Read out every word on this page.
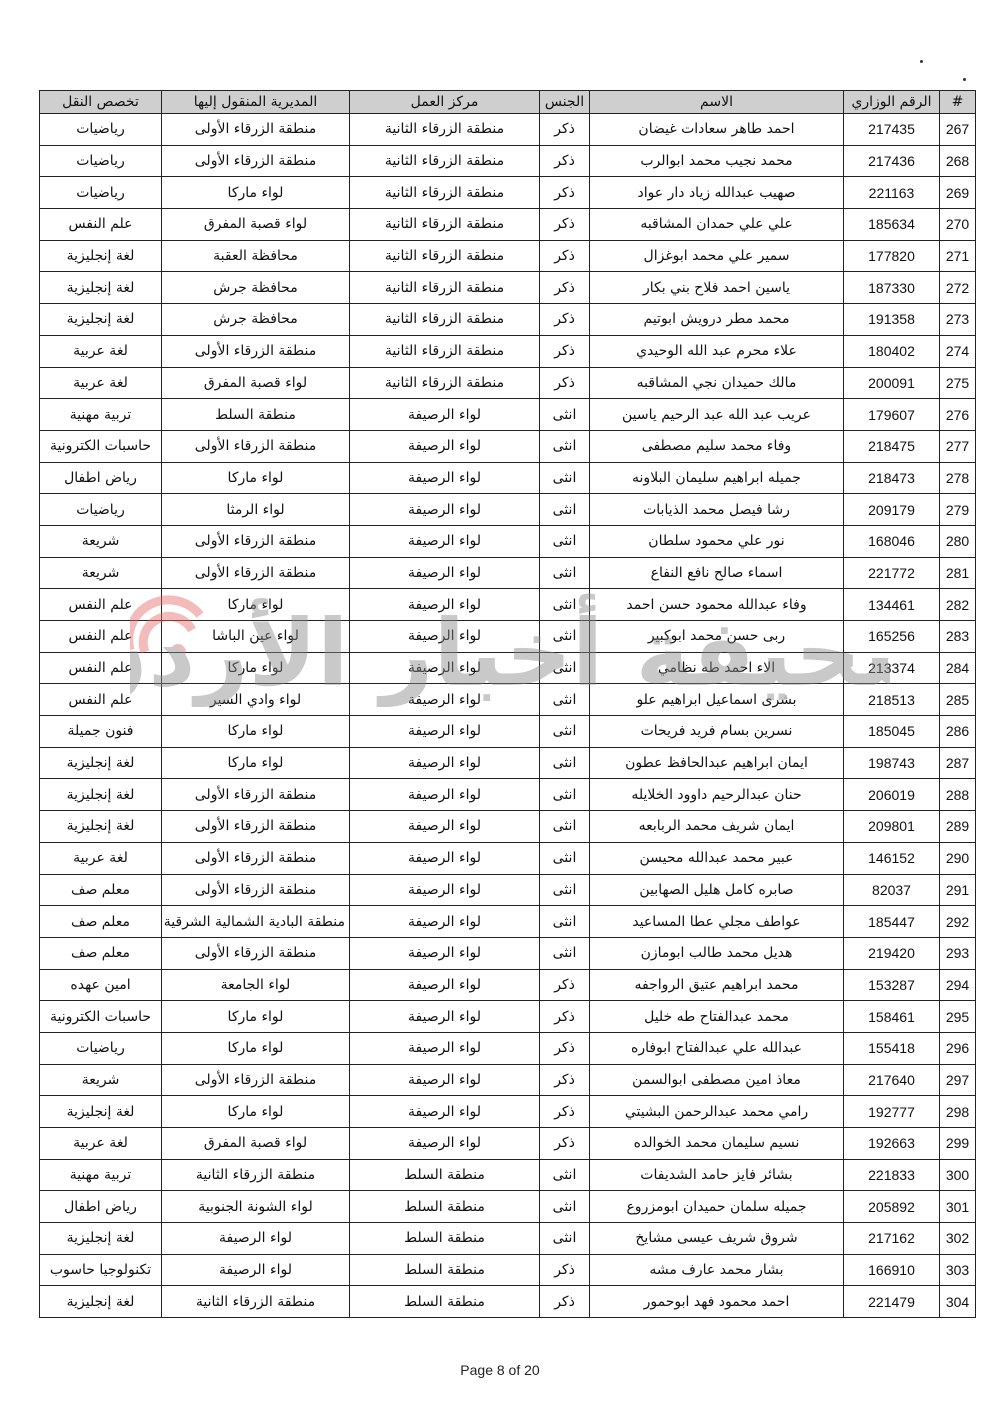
#	الرقم الوزاري	الاسم	الجنس	مركز العمل	المديرية المنقول إليها	تخصص النقل
267	217435	احمد طاهر سعادات غيضان	ذكر	منطقة الزرقاء الثانية	منطقة الزرقاء الأولى	رياضيات
268	217436	محمد نجيب محمد ابوالرب	ذكر	منطقة الزرقاء الثانية	منطقة الزرقاء الأولى	رياضيات
269	221163	صهيب عبدالله زياد دار عواد	ذكر	منطقة الزرقاء الثانية	لواء ماركا	رياضيات
270	185634	علي علي حمدان المشاقبه	ذكر	منطقة الزرقاء الثانية	لواء قصبة المفرق	علم النفس
271	177820	سمير علي محمد ابوغزال	ذكر	منطقة الزرقاء الثانية	محافظة العقبة	لغة إنجليزية
272	187330	ياسين احمد فلاح بني بكار	ذكر	منطقة الزرقاء الثانية	محافظة جرش	لغة إنجليزية
273	191358	محمد مطر درويش ابوتيم	ذكر	منطقة الزرقاء الثانية	محافظة جرش	لغة إنجليزية
274	180402	علاء محرم عبد الله الوحيدي	ذكر	منطقة الزرقاء الثانية	منطقة الزرقاء الأولى	لغة عربية
275	200091	مالك حميدان نجي المشاقبه	ذكر	منطقة الزرقاء الثانية	لواء قصبة المفرق	لغة عربية
276	179607	عريب عبد الله عبد الرحيم ياسين	انثى	لواء الرصيفة	منطقة السلط	تربية مهنية
277	218475	وفاء محمد سليم مصطفى	انثى	لواء الرصيفة	منطقة الزرقاء الأولى	حاسبات الكترونية
278	218473	جميله ابراهيم سليمان البلاونه	انثى	لواء الرصيفة	لواء ماركا	رياض اطفال
279	209179	رشا فيصل محمد الذيابات	انثى	لواء الرصيفة	لواء الرمثا	رياضيات
280	168046	نور علي محمود سلطان	انثى	لواء الرصيفة	منطقة الزرقاء الأولى	شريعة
281	221772	اسماء صالح نافع النفاع	انثى	لواء الرصيفة	منطقة الزرقاء الأولى	شريعة
282	134461	وفاء عبدالله محمود حسن احمد	انثى	لواء الرصيفة	لواء ماركا	علم النفس
283	165256	ربى حسن محمد ابوكبير	انثى	لواء الرصيفة	لواء عين الباشا	علم النفس
284	213374	الاء احمد طه نظامي	انثى	لواء الرصيفة	لواء ماركا	علم النفس
285	218513	بشرى اسماعيل ابراهيم علو	انثى	لواء الرصيفة	لواء وادي السير	علم النفس
286	185045	نسرين بسام فريد فريحات	انثى	لواء الرصيفة	لواء ماركا	فنون جميلة
287	198743	ايمان ابراهيم عبدالحافظ عطون	انثى	لواء الرصيفة	لواء ماركا	لغة إنجليزية
288	206019	حنان عبدالرحيم داوود الخلايله	انثى	لواء الرصيفة	منطقة الزرقاء الأولى	لغة إنجليزية
289	209801	ايمان شريف محمد الربابعه	انثى	لواء الرصيفة	منطقة الزرقاء الأولى	لغة إنجليزية
290	146152	عبير محمد عبدالله محيسن	انثى	لواء الرصيفة	منطقة الزرقاء الأولى	لغة عربية
291	82037	صابره كامل هليل الصهابين	انثى	لواء الرصيفة	منطقة الزرقاء الأولى	معلم صف
292	185447	عواطف مجلي عطا المساعيد	انثى	لواء الرصيفة	منطقة البادية الشمالية الشرقية	معلم صف
293	219420	هديل محمد طالب ابومازن	انثى	لواء الرصيفة	منطقة الزرقاء الأولى	معلم صف
294	153287	محمد ابراهيم عتيق الرواجفه	ذكر	لواء الرصيفة	لواء الجامعة	امين عهده
295	158461	محمد عبدالفتاح طه خليل	ذكر	لواء الرصيفة	لواء ماركا	حاسبات الكترونية
296	155418	عبدالله علي عبدالفتاح ابوفاره	ذكر	لواء الرصيفة	لواء ماركا	رياضيات
297	217640	معاذ امين مصطفى ابوالسمن	ذكر	لواء الرصيفة	منطقة الزرقاء الأولى	شريعة
298	192777	رامي محمد عبدالرحمن البشيتي	ذكر	لواء الرصيفة	لواء ماركا	لغة إنجليزية
299	192663	نسيم سليمان محمد الخوالده	ذكر	لواء الرصيفة	لواء قصبة المفرق	لغة عربية
300	221833	بشائر فايز حامد الشديفات	انثى	منطقة السلط	منطقة الزرقاء الثانية	تربية مهنية
301	205892	جميله سلمان حميدان ابومزروع	انثى	منطقة السلط	لواء الشونة الجنوبية	رياض اطفال
302	217162	شروق شريف عيسى مشايخ	انثى	منطقة السلط	لواء الرصيفة	لغة إنجليزية
303	166910	بشار محمد عارف مشه	ذكر	منطقة السلط	لواء الرصيفة	تكنولوجيا حاسوب
304	221479	احمد محمود فهد ابوحمور	ذكر	منطقة السلط	منطقة الزرقاء الثانية	لغة إنجليزية
حيفة أخبار الأرد
Page 8 of 20
